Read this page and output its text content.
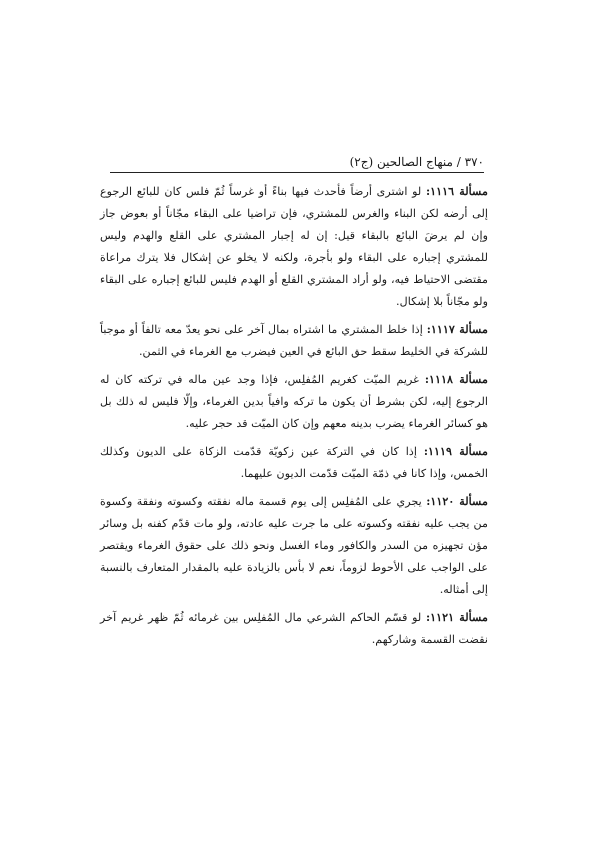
٣٧٠ / منهاج الصالحين (ج٢)

مسألة ١١١٦: لو اشترى أرضاً فأحدث فيها بناءً أو غرساً ثُمّ فلس كان للبائع الرجوع إلى أرضه لكن البناء والغرس للمشتري، فإن تراضيا على البقاء مجّاناً أو بعوض جاز وإن لم يرضَ البائع بالبقاء قيل: إن له إجبار المشتري على القلع والهدم وليس للمشتري إجباره على البقاء ولو بأجرة، ولكنه لا يخلو عن إشكال فلا يترك مراعاة مقتضى الاحتياط فيه، ولو أراد المشتري القلع أو الهدم فليس للبائع إجباره على البقاء ولو مجّاناً بلا إشكال.

مسألة ١١١٧: إذا خلط المشتري ما اشتراه بمال آخر على نحو يعدّ معه تالفاً أو موجباً للشركة في الخليط سقط حق البائع في العين فيضرب مع الغرماء في الثمن.

مسألة ١١١٨: غريم الميّت كغريم المُفلِس، فإذا وجد عين ماله في تركته كان له الرجوع إليه، لكن بشرط أن يكون ما تركه وافياً بدين الغرماء، وإلّا فليس له ذلك بل هو كسائر الغرماء يضرب بدينه معهم وإن كان الميّت قد حجر عليه.

مسألة ١١١٩: إذا كان في التركة عين زكويّة قدّمت الزكاة على الديون وكذلك الخمس، وإذا كانا في ذمّة الميّت قدّمت الديون عليهما.

مسألة ١١٢٠: يجري على المُفلِس إلى يوم قسمة ماله نفقته وكسوته ونفقة وكسوة من يجب عليه نفقته وكسوته على ما جرت عليه عادته، ولو مات قدّم كفنه بل وسائر مؤن تجهيزه من السدر والكافور وماء الغسل ونحو ذلك على حقوق الغرماء ويقتصر على الواجب على الأحوط لزوماً، نعم لا بأس بالزيادة عليه بالمقدار المتعارف بالنسبة إلى أمثاله.

مسألة ١١٢١: لو قسّم الحاكم الشرعي مال المُفلِس بين غرمائه ثُمّ ظهر غريم آخر نقضت القسمة وشاركهم.
